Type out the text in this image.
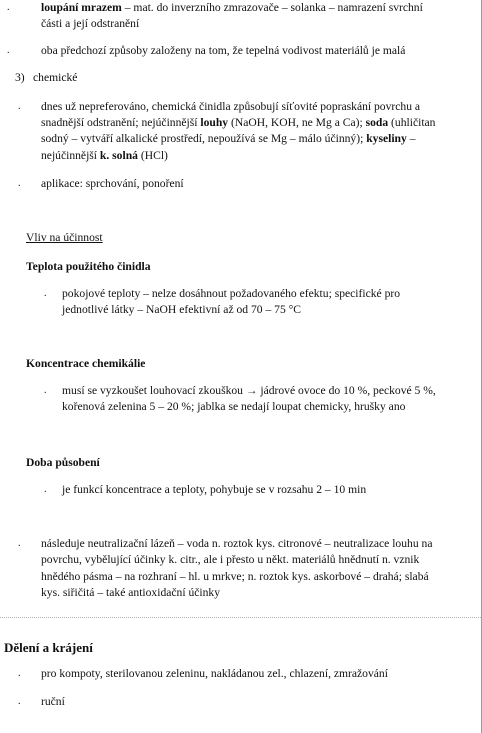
.	loupání mrazem – mat. do inverzního zmrazovače – solanka – namrazení svrchní
části a její odstranění
.	oba předchozí způsoby založeny na tom, že tepelná vodivost materiálů je malá
3) chemické
. dnes už nepreferováno, chemická činidla způsobují síťovité popraskání povrchu a
snadnější odstranění; nejúčinnější louhy (NaOH, KOH, ne Mg a Ca); soda (uhličitan
sodný – vytváří alkalické prostředí, nepoužívá se Mg – málo účinný); kyseliny –
nejúčinnější k. solná (HCl)
. aplikace: sprchování, ponoření
Vliv na účinnost
Teplota použitého činidla
. pokojové teploty – nelze dosáhnout požadovaného efektu; specifické pro
jednotlivé látky – NaOH efektivní až od 70 – 75 °C
Koncentrace chemikálie
. musí se vyzkoušet louhovací zkouškou → jádrové ovoce do 10 %, peckové 5 %,
kořenová zelenina 5 – 20 %; jablka se nedají loupat chemicky, hrušky ano
Doba působení
. je funkcí koncentrace a teploty, pohybuje se v rozsahu 2 – 10 min
. následuje neutralizační lázeň – voda n. roztok kys. citronové – neutralizace louhu na
povrchu, vybělující účinky k. citr., ale i přesto u někt. materiálů hnědnutí n. vznik
hnědého pásma – na rozhraní – hl. u mrkve; n. roztok kys. askorbové – drahá; slabá
kys. siřičitá – také antioxidační účinky
Dělení a krájení
. pro kompoty, sterilovanou zeleninu, nakládanou zel., chlazení, zmražování
. ruční
